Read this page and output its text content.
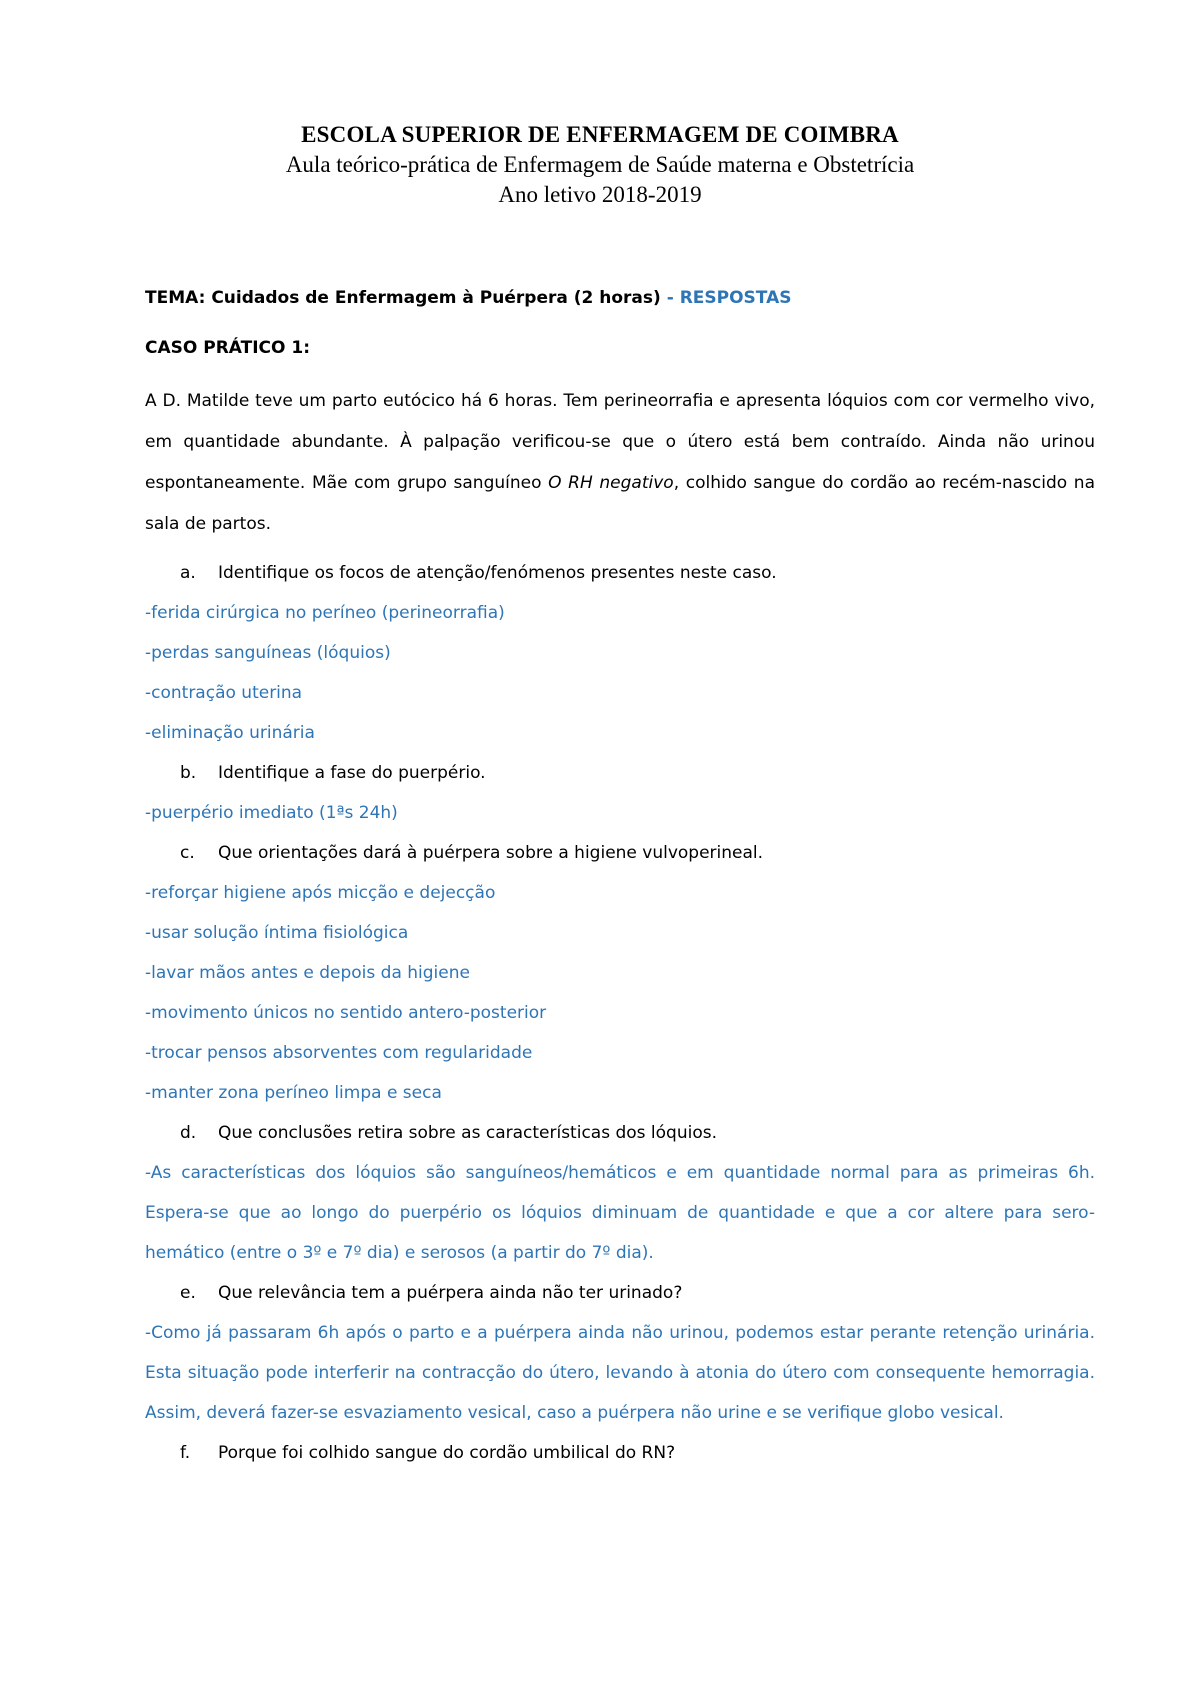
ESCOLA SUPERIOR DE ENFERMAGEM DE COIMBRA
Aula teórico-prática de Enfermagem de Saúde materna e Obstetrícia
Ano letivo 2018-2019
TEMA: Cuidados de Enfermagem à Puérpera (2 horas) - RESPOSTAS
CASO PRÁTICO 1:
A D. Matilde teve um parto eutócico há 6 horas. Tem perineorrafia e apresenta lóquios com cor vermelho vivo, em quantidade abundante. À palpação verificou-se que o útero está bem contraído. Ainda não urinou espontaneamente. Mãe com grupo sanguíneo O RH negativo, colhido sangue do cordão ao recém-nascido na sala de partos.
a.	Identifique os focos de atenção/fenómenos presentes neste caso.
-ferida cirúrgica no períneo (perineorrafia)
-perdas sanguíneas (lóquios)
-contração uterina
-eliminação urinária
b.	Identifique a fase do puerpério.
-puerpério imediato (1ªs 24h)
c.	Que orientações dará à puérpera sobre a higiene vulvoperineal.
-reforçar higiene após micção e dejecção
-usar solução íntima fisiológica
-lavar mãos antes e depois da higiene
-movimento únicos no sentido antero-posterior
-trocar pensos absorventes com regularidade
-manter zona períneo limpa e seca
d.	Que conclusões retira sobre as características dos lóquios.
-As características dos lóquios são sanguíneos/hemáticos e em quantidade normal para as primeiras 6h. Espera-se que ao longo do puerpério os lóquios diminuam de quantidade e que a cor altere para sero-hemático (entre o 3º e 7º dia) e serosos (a partir do 7º dia).
e.	Que relevância tem a puérpera ainda não ter urinado?
-Como já passaram 6h após o parto e a puérpera ainda não urinou, podemos estar perante retenção urinária. Esta situação pode interferir na contracção do útero, levando à atonia do útero com consequente hemorragia. Assim, deverá fazer-se esvaziamento vesical, caso a puérpera não urine e se verifique globo vesical.
f.	Porque foi colhido sangue do cordão umbilical do RN?
